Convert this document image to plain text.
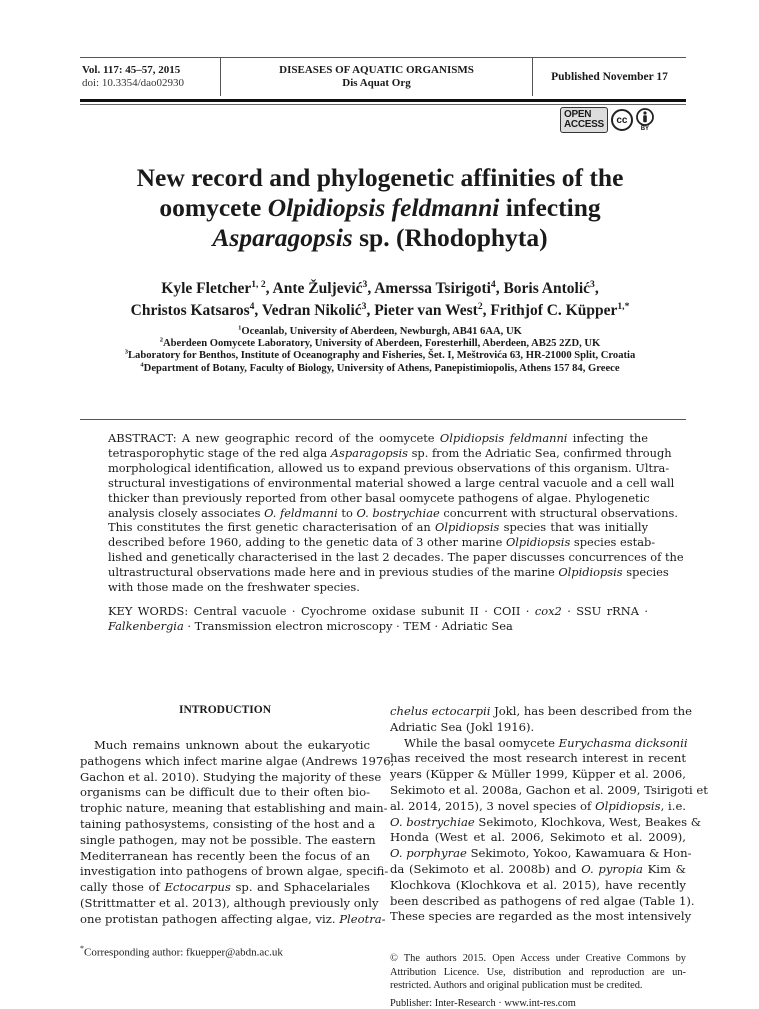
Vol. 117: 45–57, 2015
doi: 10.3354/dao02930
DISEASES OF AQUATIC ORGANISMS
Dis Aquat Org
Published November 17
OPEN
ACCESS cc
BY
New record and phylogenetic affinities of the
oomycete Olpidiopsis feldmanni infecting
Asparagopsis sp. (Rhodophyta)
Kyle Fletcher$^{1, 2}$, Ante Žuljević$^3$, Amerssa Tsirigoti$^4$, Boris Antolić$^3$,
Christos Katsaros$^4$, Vedran Nikolić$^3$, Pieter van West$^2$, Frithjof C. Küpper$^{1,*}$
$^1$Oceanlab, University of Aberdeen, Newburgh, AB41 6AA, UK
$^2$Aberdeen Oomycete Laboratory, University of Aberdeen, Foresterhill, Aberdeen, AB25 2ZD, UK
$^3$Laboratory for Benthos, Institute of Oceanography and Fisheries, Šet. I, Meštrovića 63, HR-21000 Split, Croatia
$^4$Department of Botany, Faculty of Biology, University of Athens, Panepistimiopolis, Athens 157 84, Greece
ABSTRACT: A new geographic record of the oomycete Olpidiopsis feldmanni infecting the
tetrasporophytic stage of the red alga Asparagopsis sp. from the Adriatic Sea, confirmed through
morphological identification, allowed us to expand previous observations of this organism. Ultra-
structural investigations of environmental material showed a large central vacuole and a cell wall
thicker than previously reported from other basal oomycete pathogens of algae. Phylogenetic
analysis closely associates O. feldmanni to O. bostrychiae concurrent with structural observations.
This constitutes the first genetic characterisation of an Olpidiopsis species that was initially
described before 1960, adding to the genetic data of 3 other marine Olpidiopsis species estab-
lished and genetically characterised in the last 2 decades. The paper discusses concurrences of the
ultrastructural observations made here and in previous studies of the marine Olpidiopsis species
with those made on the freshwater species.
KEY WORDS: Central vacuole · Cyochrome oxidase subunit II · COII · cox2 · SSU rRNA ·
Falkenbergia · Transmission electron microscopy · TEM · Adriatic Sea
INTRODUCTION
Much remains unknown about the eukaryotic
pathogens which infect marine algae (Andrews 1976,
Gachon et al. 2010). Studying the majority of these
organisms can be difficult due to their often bio-
trophic nature, meaning that establishing and main-
taining pathosystems, consisting of the host and a
single pathogen, may not be possible. The eastern
Mediterranean has recently been the focus of an
investigation into pathogens of brown algae, specifi-
cally those of Ectocarpus sp. and Sphacelariales
(Strittmatter et al. 2013), although previously only
one protistan pathogen affecting algae, viz. Pleotra-
chelus ectocarpii Jokl, has been described from the
Adriatic Sea (Jokl 1916).
While the basal oomycete Eurychasma dicksonii
has received the most research interest in recent
years (Küpper & Müller 1999, Küpper et al. 2006,
Sekimoto et al. 2008a, Gachon et al. 2009, Tsirigoti et
al. 2014, 2015), 3 novel species of Olpidiopsis, i.e.
O. bostrychiae Sekimoto, Klochkova, West, Beakes &
Honda (West et al. 2006, Sekimoto et al. 2009),
O. porphyrae Sekimoto, Yokoo, Kawamuara & Hon-
da (Sekimoto et al. 2008b) and O. pyropia Kim &
Klochkova (Klochkova et al. 2015), have recently
been described as pathogens of red algae (Table 1).
These species are regarded as the most intensively
*Corresponding author: fkuepper@abdn.ac.uk	© The authors 2015. Open Access under Creative Commons by
Attribution Licence. Use, distribution and reproduction are un-
restricted. Authors and original publication must be credited.
Publisher: Inter-Research · www.int-res.com
